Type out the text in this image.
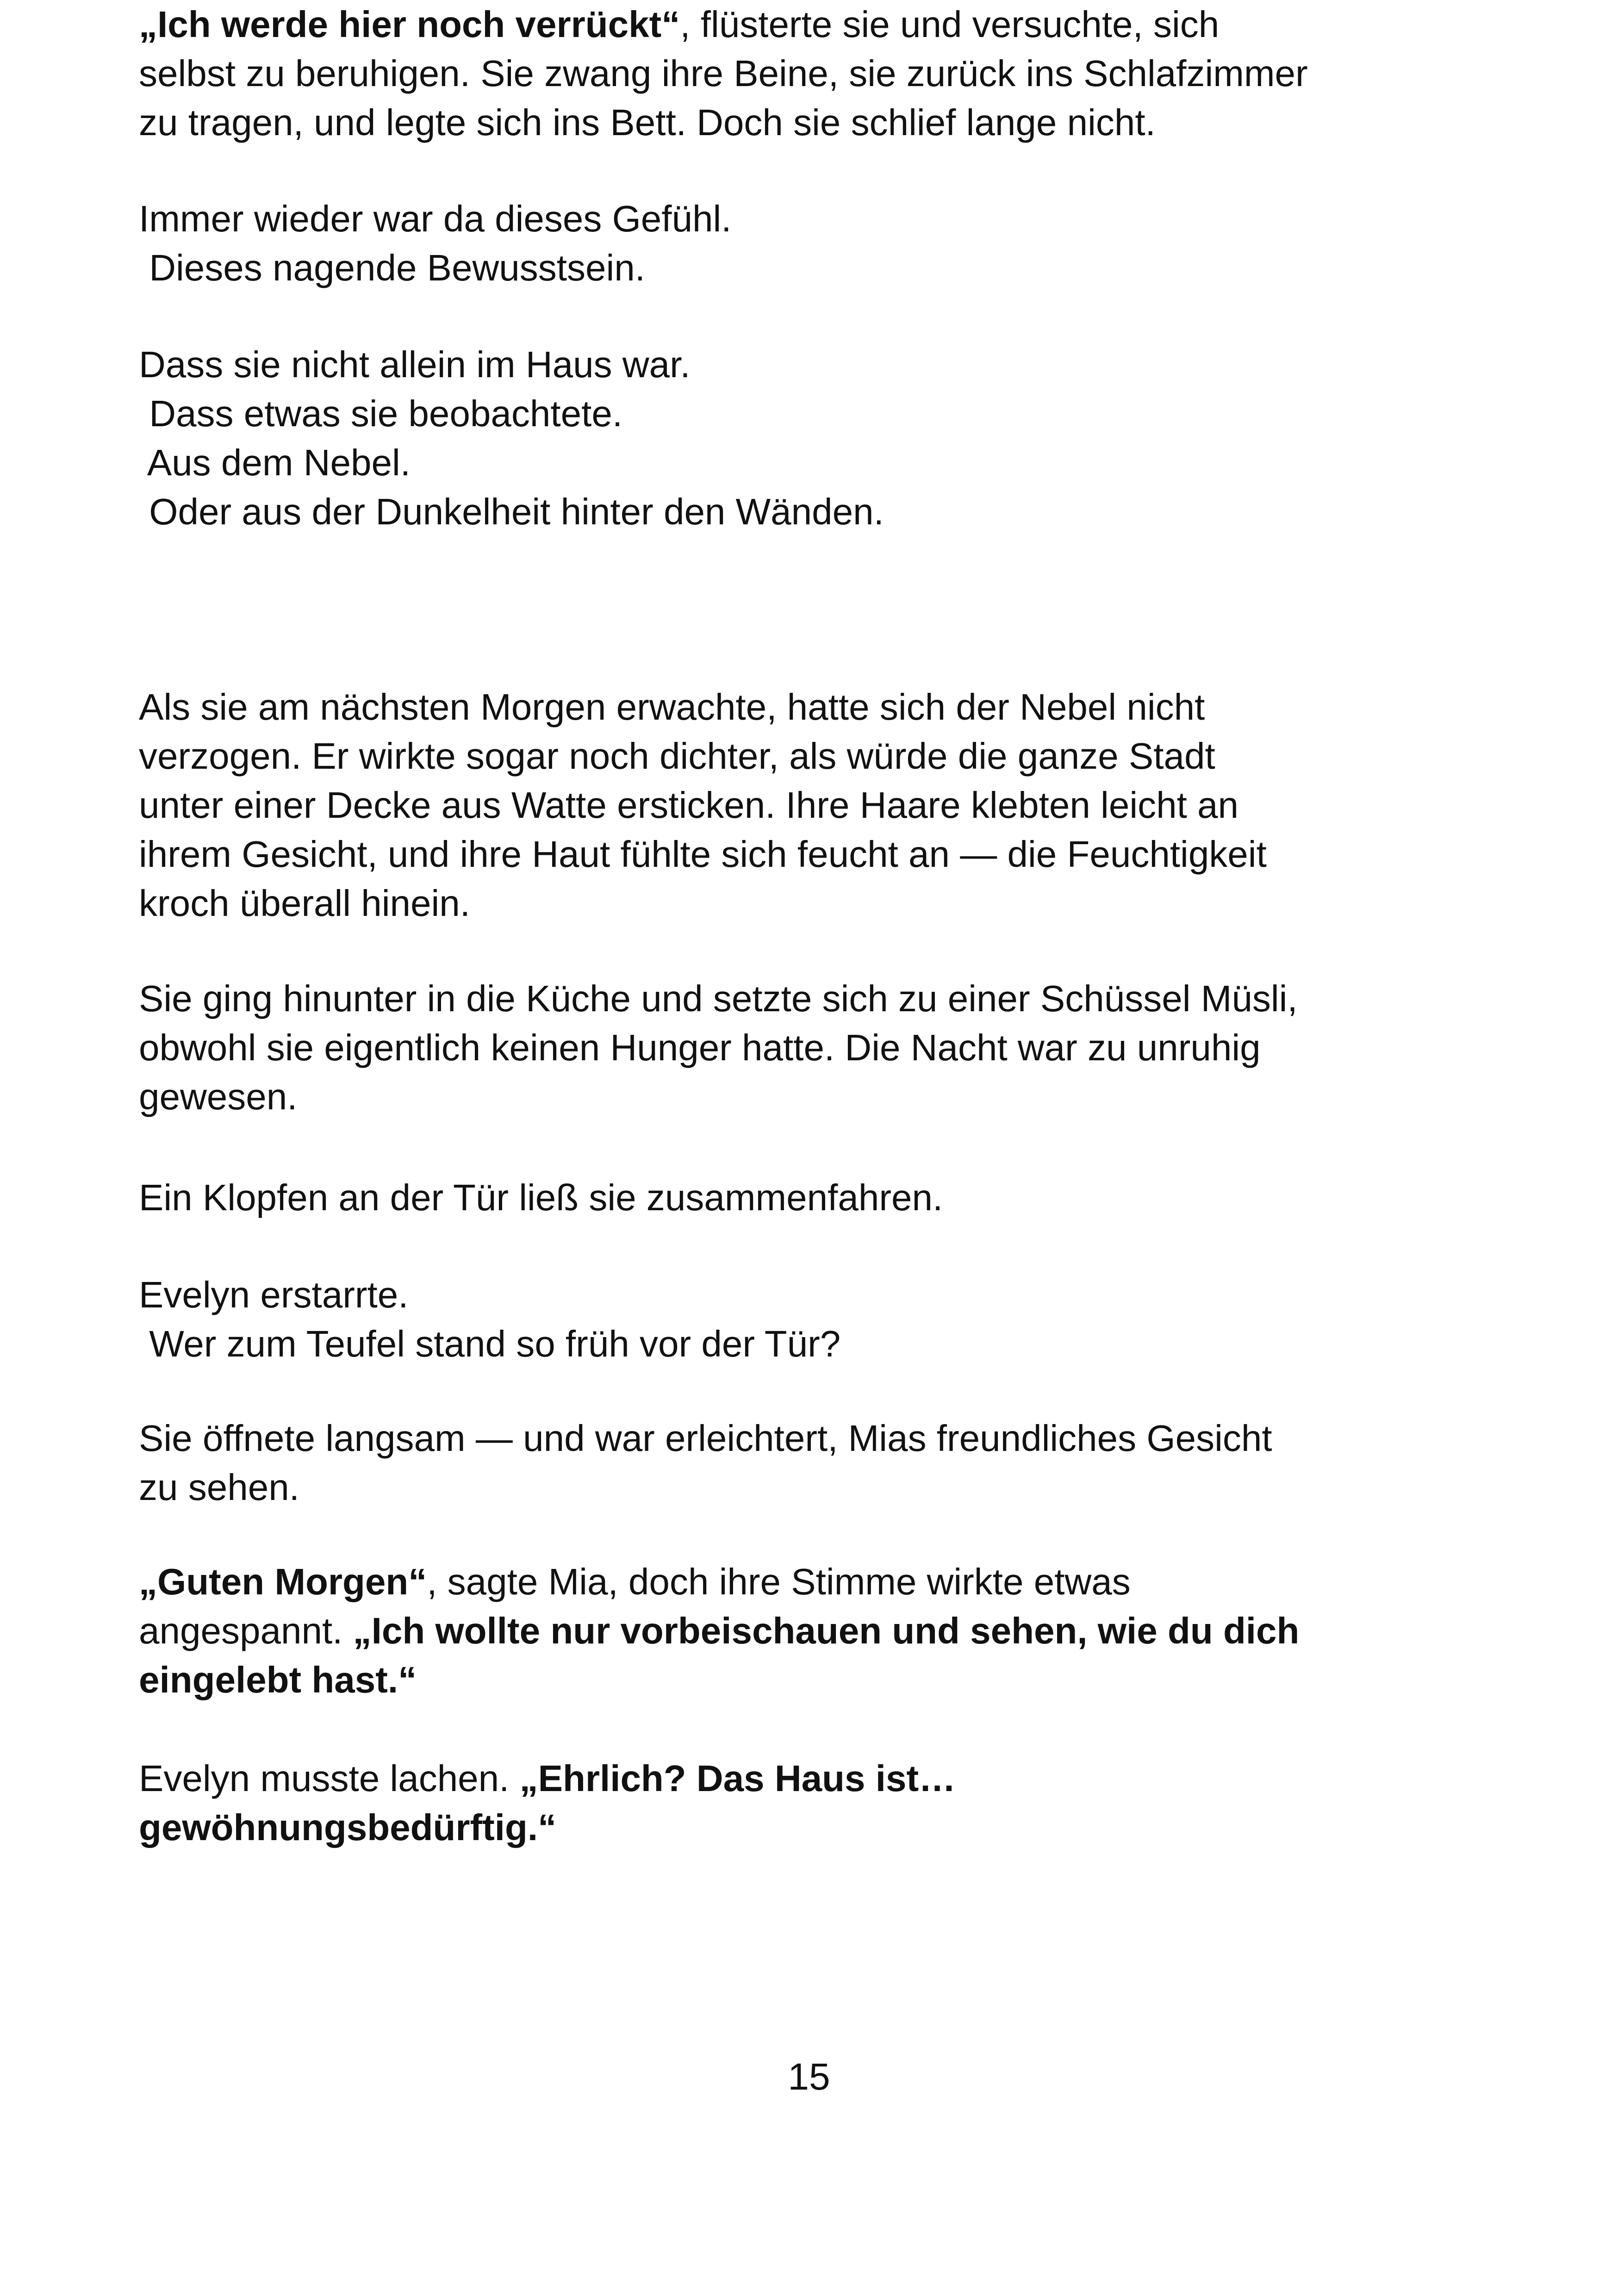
„Ich werde hier noch verrückt“, flüsterte sie und versuchte, sich
selbst zu beruhigen. Sie zwang ihre Beine, sie zurück ins Schlafzimmer
zu tragen, und legte sich ins Bett. Doch sie schlief lange nicht.
Immer wieder war da dieses Gefühl.
Dieses nagende Bewusstsein.
Dass sie nicht allein im Haus war.
Dass etwas sie beobachtete.
Aus dem Nebel.
Oder aus der Dunkelheit hinter den Wänden.
Als sie am nächsten Morgen erwachte, hatte sich der Nebel nicht
verzogen. Er wirkte sogar noch dichter, als würde die ganze Stadt
unter einer Decke aus Watte ersticken. Ihre Haare klebten leicht an
ihrem Gesicht, und ihre Haut fühlte sich feucht an — die Feuchtigkeit
kroch überall hinein.
Sie ging hinunter in die Küche und setzte sich zu einer Schüssel Müsli,
obwohl sie eigentlich keinen Hunger hatte. Die Nacht war zu unruhig
gewesen.
Ein Klopfen an der Tür ließ sie zusammenfahren.
Evelyn erstarrte.
Wer zum Teufel stand so früh vor der Tür?
Sie öffnete langsam — und war erleichtert, Mias freundliches Gesicht
zu sehen.
„Guten Morgen“, sagte Mia, doch ihre Stimme wirkte etwas
angespannt. „Ich wollte nur vorbeischauen und sehen, wie du dich
eingelebt hast.“
Evelyn musste lachen. „Ehrlich? Das Haus ist…
gewöhnungsbedürftig.“
15
